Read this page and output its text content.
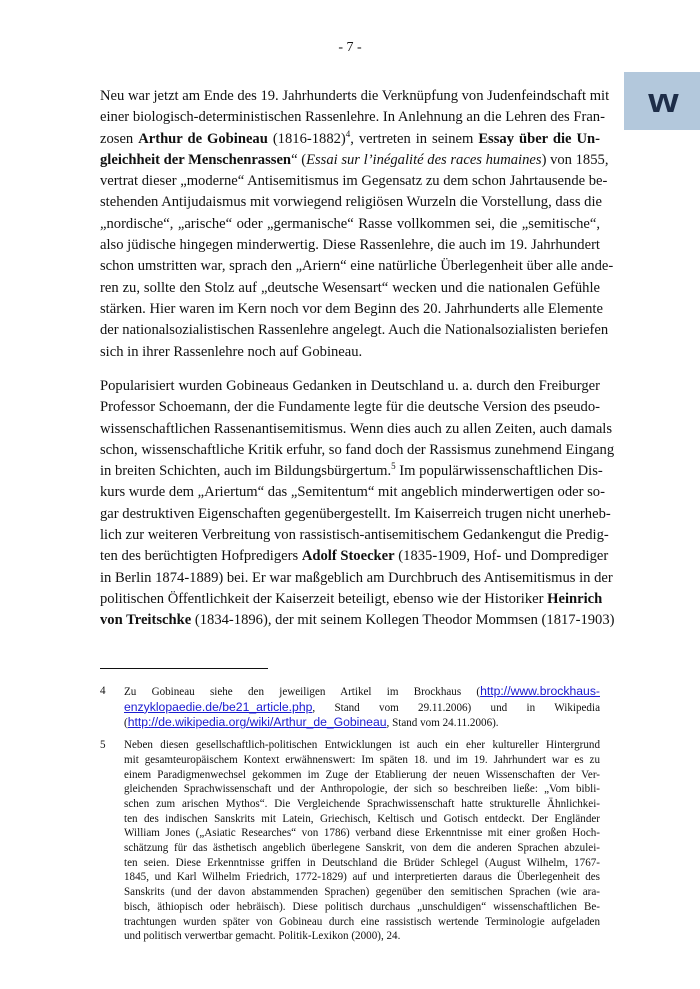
- 7 -
w
Neu war jetzt am Ende des 19. Jahrhunderts die Verknüpfung von Judenfeindschaft mit
einer biologisch-deterministischen Rassenlehre. In Anlehnung an die Lehren des Fran-
zosen Arthur de Gobineau (1816-1882)$^4$, vertreten in seinem Essay über die Un-
gleichheit der Menschenrassen“ (Essai sur l’inégalité des races humaines) von 1855,
vertrat dieser „moderne“ Antisemitismus im Gegensatz zu dem schon Jahrtausende be-
stehenden Antijudaismus mit vorwiegend religiösen Wurzeln die Vorstellung, dass die
„nordische“, „arische“ oder „germanische“ Rasse vollkommen sei, die „semitische“,
also jüdische hingegen minderwertig. Diese Rassenlehre, die auch im 19. Jahrhundert
schon umstritten war, sprach den „Ariern“ eine natürliche Überlegenheit über alle ande-
ren zu, sollte den Stolz auf „deutsche Wesensart“ wecken und die nationalen Gefühle
stärken. Hier waren im Kern noch vor dem Beginn des 20. Jahrhunderts alle Elemente
der nationalsozialistischen Rassenlehre angelegt. Auch die Nationalsozialisten beriefen
sich in ihrer Rassenlehre noch auf Gobineau.
Popularisiert wurden Gobineaus Gedanken in Deutschland u. a. durch den Freiburger
Professor Schoemann, der die Fundamente legte für die deutsche Version des pseudo-
wissenschaftlichen Rassenantisemitismus. Wenn dies auch zu allen Zeiten, auch damals
schon, wissenschaftliche Kritik erfuhr, so fand doch der Rassismus zunehmend Eingang
in breiten Schichten, auch im Bildungsbürgertum.$^5$ Im populärwissenschaftlichen Dis-
kurs wurde dem „Ariertum“ das „Semitentum“ mit angeblich minderwertigen oder so-
gar destruktiven Eigenschaften gegenübergestellt. Im Kaiserreich trugen nicht unerheb-
lich zur weiteren Verbreitung von rassistisch-antisemitischem Gedankengut die Predig-
ten des berüchtigten Hofpredigers Adolf Stoecker (1835-1909, Hof- und Domprediger
in Berlin 1874-1889) bei. Er war maßgeblich am Durchbruch des Antisemitismus in der
politischen Öffentlichkeit der Kaiserzeit beteiligt, ebenso wie der Historiker Heinrich
von Treitschke (1834-1896), der mit seinem Kollegen Theodor Mommsen (1817-1903)
4	Zu Gobineau siehe den jeweiligen Artikel im Brockhaus (http://www.brockhaus-
enzyklopaedie.de/be21_article.php, Stand vom 29.11.2006) und in Wikipedia
(http://de.wikipedia.org/wiki/Arthur_de_Gobineau, Stand vom 24.11.2006).
5	Neben diesen gesellschaftlich-politischen Entwicklungen ist auch ein eher kultureller Hintergrund
mit gesamteuropäischem Kontext erwähnenswert: Im späten 18. und im 19. Jahrhundert war es zu
einem Paradigmenwechsel gekommen im Zuge der Etablierung der neuen Wissenschaften der Ver-
gleichenden Sprachwissenschaft und der Anthropologie, der sich so beschreiben ließe: „Vom bibli-
schen zum arischen Mythos“. Die Vergleichende Sprachwissenschaft hatte strukturelle Ähnlichkei-
ten des indischen Sanskrits mit Latein, Griechisch, Keltisch und Gotisch entdeckt. Der Engländer
William Jones („Asiatic Researches“ von 1786) verband diese Erkenntnisse mit einer großen Hoch-
schätzung für das ästhetisch angeblich überlegene Sanskrit, von dem die anderen Sprachen abzulei-
ten seien. Diese Erkenntnisse griffen in Deutschland die Brüder Schlegel (August Wilhelm, 1767-
1845, und Karl Wilhelm Friedrich, 1772-1829) auf und interpretierten daraus die Überlegenheit des
Sanskrits (und der davon abstammenden Sprachen) gegenüber den semitischen Sprachen (wie ara-
bisch, äthiopisch oder hebräisch). Diese politisch durchaus „unschuldigen“ wissenschaftlichen Be-
trachtungen wurden später von Gobineau durch eine rassistisch wertende Terminologie aufgeladen
und politisch verwertbar gemacht. Politik-Lexikon (2000), 24.
